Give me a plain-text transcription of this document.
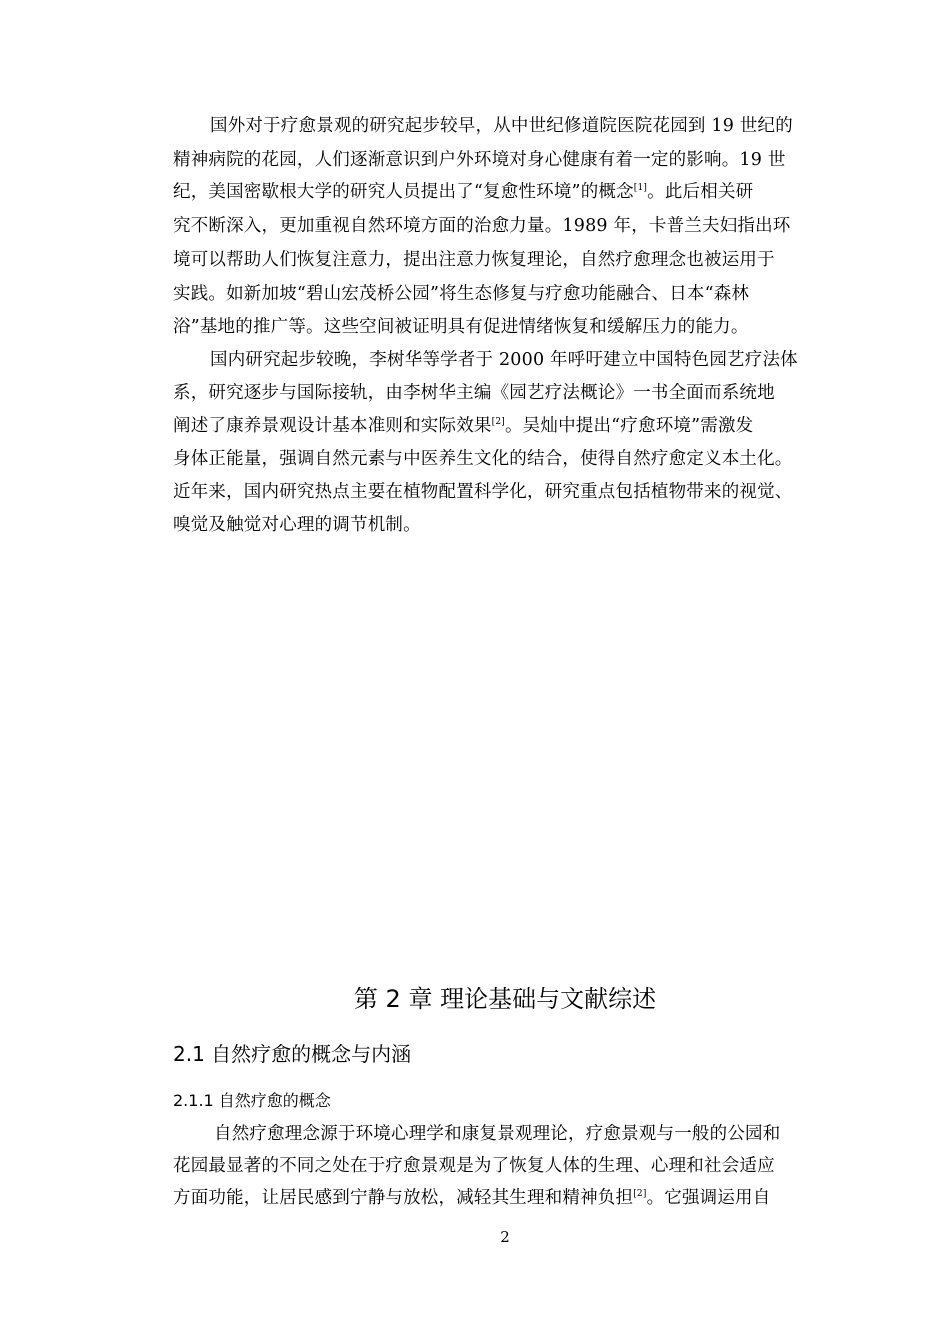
国外对于疗愈景观的研究起步较早，从中世纪修道院医院花园到 19 世纪的
精神病院的花园，人们逐渐意识到户外环境对身心健康有着一定的影响。19 世
纪，美国密歇根大学的研究人员提出了“复愈性环境”的概念[1]。此后相关研
究不断深入，更加重视自然环境方面的治愈力量。1989 年，卡普兰夫妇指出环
境可以帮助人们恢复注意力，提出注意力恢复理论，自然疗愈理念也被运用于
实践。如新加坡“碧山宏茂桥公园”将生态修复与疗愈功能融合、日本“森林
浴”基地的推广等。这些空间被证明具有促进情绪恢复和缓解压力的能力。
国内研究起步较晚，李树华等学者于 2000 年呼吁建立中国特色园艺疗法体
系，研究逐步与国际接轨，由李树华主编《园艺疗法概论》一书全面而系统地
阐述了康养景观设计基本准则和实际效果[2]。吴灿中提出“疗愈环境”需激发
身体正能量，强调自然元素与中医养生文化的结合，使得自然疗愈定义本土化。
近年来，国内研究热点主要在植物配置科学化，研究重点包括植物带来的视觉、
嗅觉及触觉对心理的调节机制。
第 2 章 理论基础与文献综述
2.1 自然疗愈的概念与内涵
2.1.1 自然疗愈的概念
自然疗愈理念源于环境心理学和康复景观理论，疗愈景观与一般的公园和
花园最显著的不同之处在于疗愈景观是为了恢复人体的生理、心理和社会适应
方面功能，让居民感到宁静与放松，减轻其生理和精神负担[2]。它强调运用自
2
